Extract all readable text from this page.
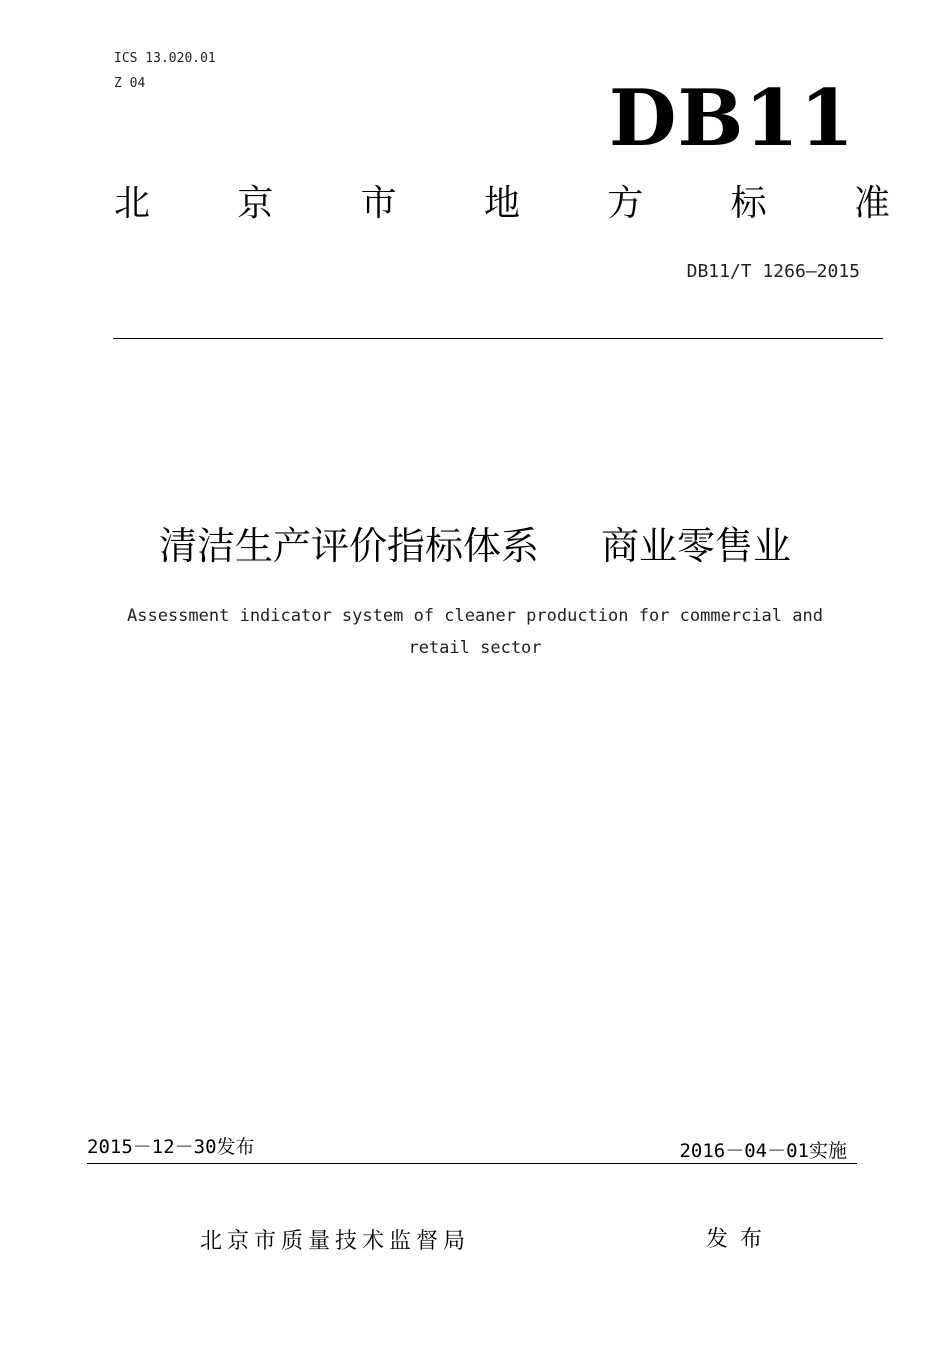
ICS 13.020.01
Z 04	DB11
北 京 市 地 方 标 准
DB11/T 1266—2015
清洁生产评价指标体系 商业零售业
Assessment indicator system of cleaner production for commercial and retail sector
2015－12－30发布	2016－04－01实施
北京市质量技术监督局	发布
